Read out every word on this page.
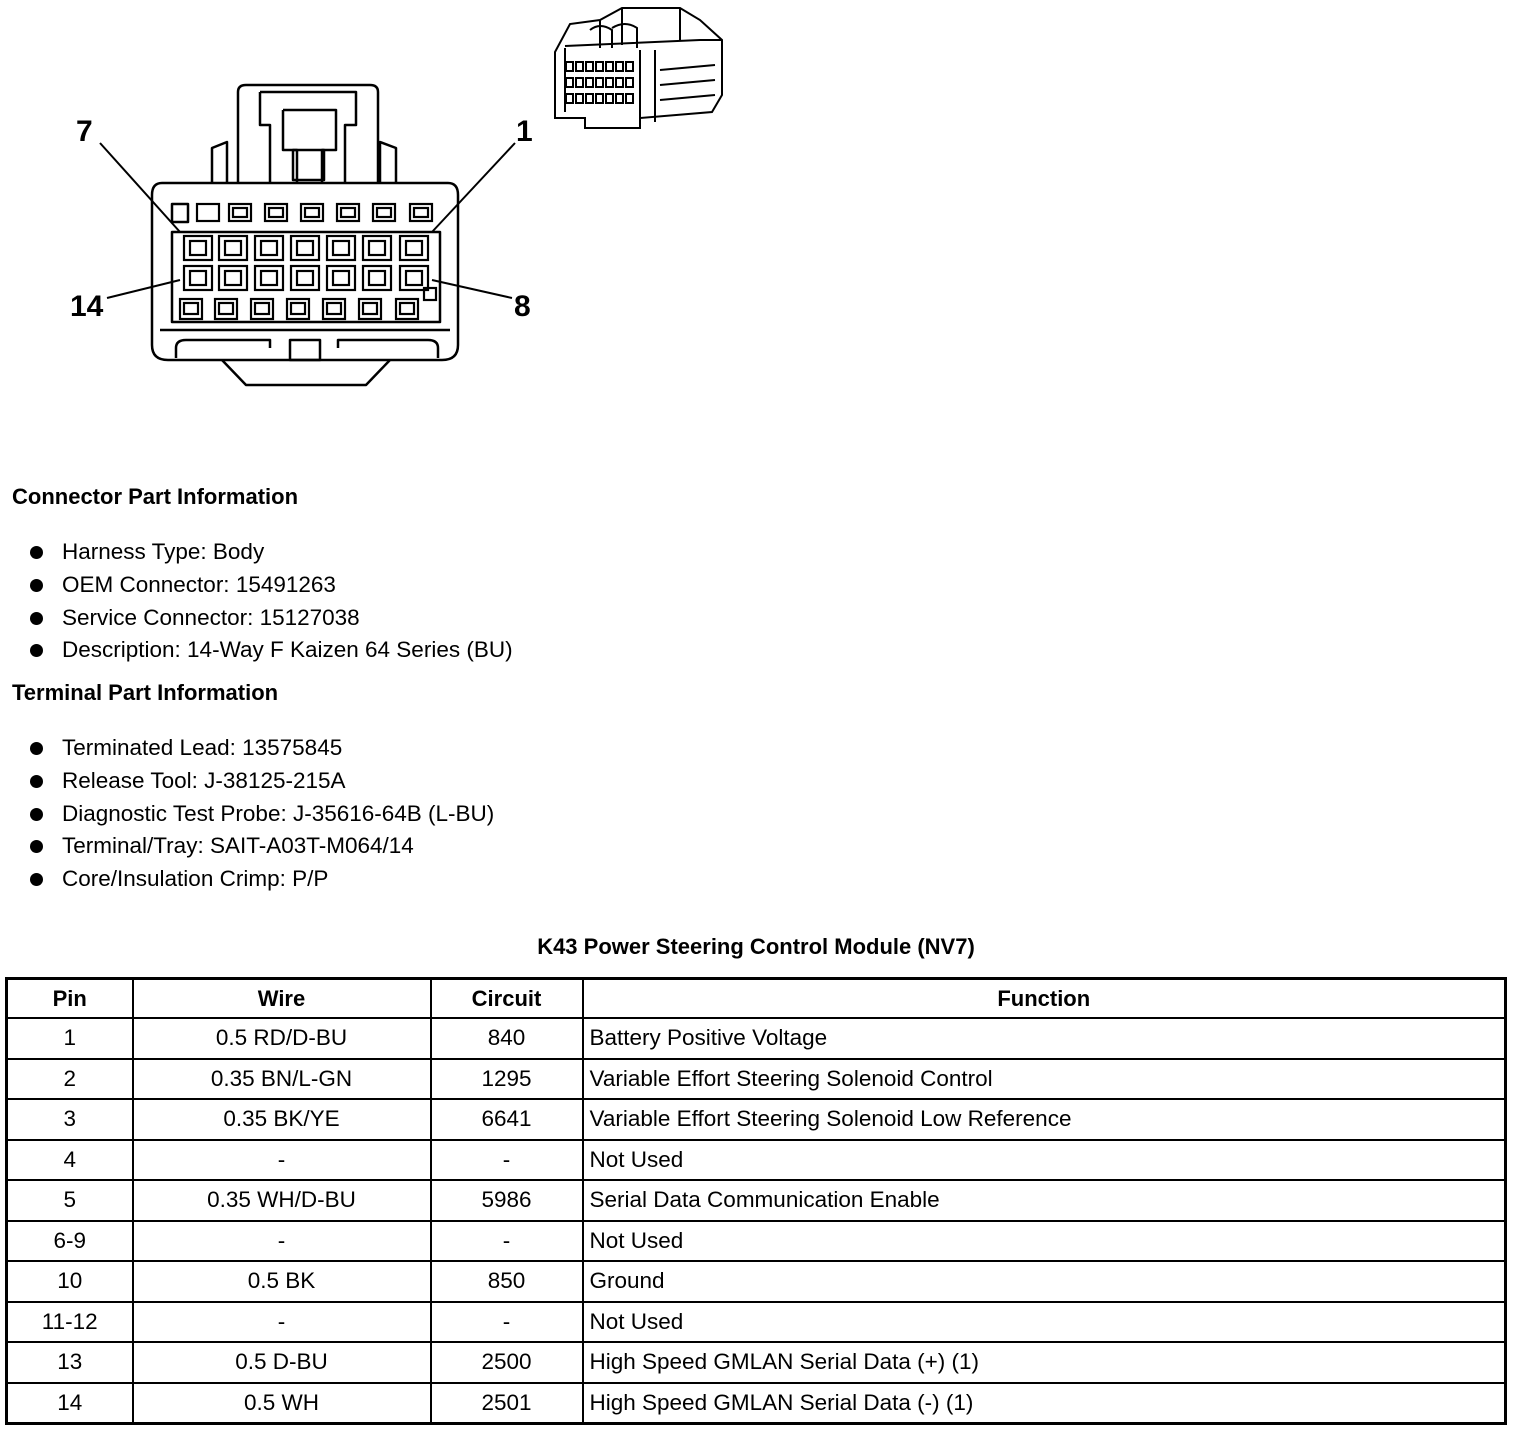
7	1
14	8
Connector Part Information
Harness Type: Body
OEM Connector: 15491263
Service Connector: 15127038
Description: 14-Way F Kaizen 64 Series (BU)
Terminal Part Information
Terminated Lead: 13575845
Release Tool: J-38125-215A
Diagnostic Test Probe: J-35616-64B (L-BU)
Terminal/Tray: SAIT-A03T-M064/14
Core/Insulation Crimp: P/P
K43 Power Steering Control Module (NV7)
Pin	Wire	Circuit	Function
1	0.5 RD/D-BU	840	Battery Positive Voltage
2	0.35 BN/L-GN	1295	Variable Effort Steering Solenoid Control
3	0.35 BK/YE	6641	Variable Effort Steering Solenoid Low Reference
4	-	-	Not Used
5	0.35 WH/D-BU	5986	Serial Data Communication Enable
6-9	-	-	Not Used
10	0.5 BK	850	Ground
11-12	-	-	Not Used
13	0.5 D-BU	2500	High Speed GMLAN Serial Data (+) (1)
14	0.5 WH	2501	High Speed GMLAN Serial Data (-) (1)
